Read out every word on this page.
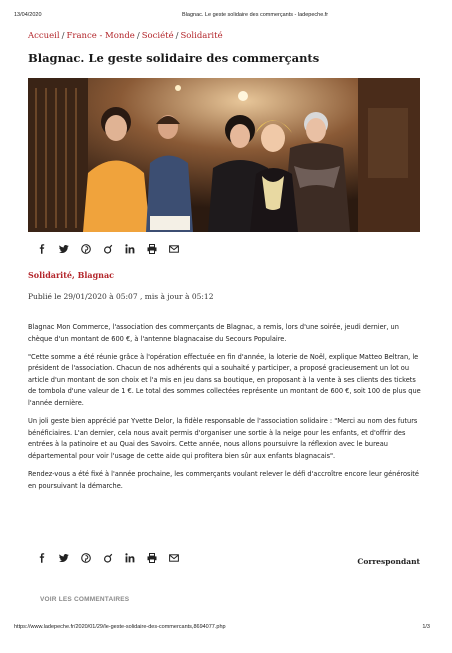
13/04/2020	Blagnac. Le geste solidaire des commerçants - ladepeche.fr
Accueil / France - Monde / Société / Solidarité
Blagnac. Le geste solidaire des commerçants
Solidarité, Blagnac
Publié le 29/01/2020 à 05:07 , mis à jour à 05:12

Blagnac Mon Commerce, l'association des commerçants de Blagnac, a remis, lors d'une soirée, jeudi dernier, un chèque d'un montant de 600 €, à l'antenne blagnacaise du Secours Populaire.

"Cette somme a été réunie grâce à l'opération effectuée en fin d'année, la loterie de Noël, explique Matteo Beltran, le président de l'association. Chacun de nos adhérents qui a souhaité y participer, a proposé gracieusement un lot ou article d'un montant de son choix et l'a mis en jeu dans sa boutique, en proposant à la vente à ses clients des tickets de tombola d'une valeur de 1 €. Le total des sommes collectées représente un montant de 600 €, soit 100 de plus que l'année dernière.

Un joli geste bien apprécié par Yvette Delor, la fidèle responsable de l'association solidaire : "Merci au nom des futurs bénéficiaires. L'an dernier, cela nous avait permis d'organiser une sortie à la neige pour les enfants, et d'offrir des entrées à la patinoire et au Quai des Savoirs. Cette année, nous allons poursuivre la réflexion avec le bureau départemental pour voir l'usage de cette aide qui profitera bien sûr aux enfants blagnacais".

Rendez-vous a été fixé à l'année prochaine, les commerçants voulant relever le défi d'accroître encore leur générosité en poursuivant la démarche.

Correspondant
VOIR LES COMMENTAIRES
https://www.ladepeche.fr/2020/01/29/le-geste-solidaire-des-commercants,8694077.php	1/3
